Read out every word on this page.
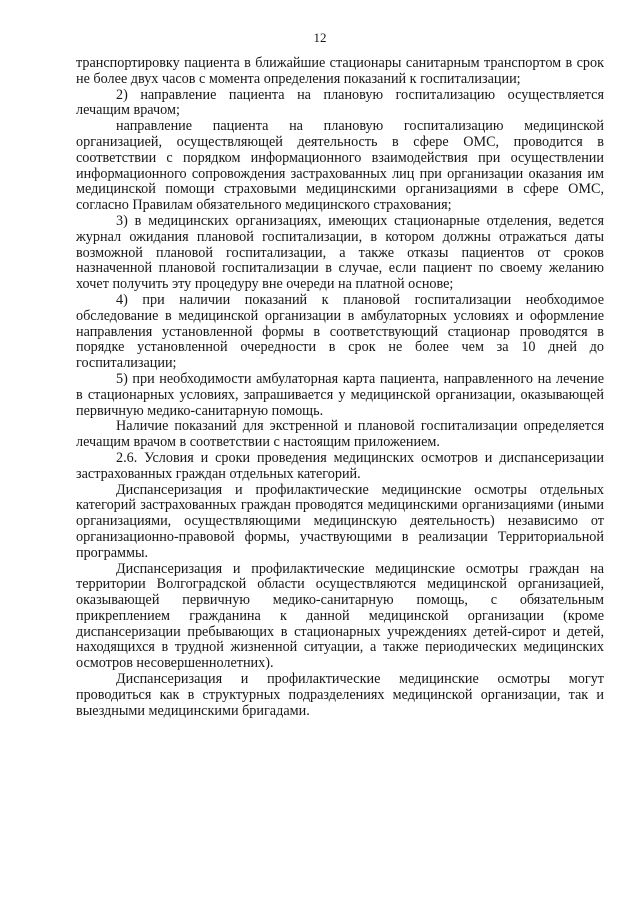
12

транспортировку пациента в ближайшие стационары санитарным транспортом в срок не более двух часов с момента определения показаний к госпитализации;

2) направление пациента на плановую госпитализацию осуществляется лечащим врачом;

направление пациента на плановую госпитализацию медицинской организацией, осуществляющей деятельность в сфере ОМС, проводится в соответствии с порядком информационного взаимодействия при осуществлении информационного сопровождения застрахованных лиц при организации оказания им медицинской помощи страховыми медицинскими организациями в сфере ОМС, согласно Правилам обязательного медицинского страхования;

3) в медицинских организациях, имеющих стационарные отделения, ведется журнал ожидания плановой госпитализации, в котором должны отражаться даты возможной плановой госпитализации, а также отказы пациентов от сроков назначенной плановой госпитализации в случае, если пациент по своему желанию хочет получить эту процедуру вне очереди на платной основе;

4) при наличии показаний к плановой госпитализации необходимое обследование в медицинской организации в амбулаторных условиях и оформление направления установленной формы в соответствующий стационар проводятся в порядке установленной очередности в срок не более чем за 10 дней до госпитализации;

5) при необходимости амбулаторная карта пациента, направленного на лечение в стационарных условиях, запрашивается у медицинской организации, оказывающей первичную медико-санитарную помощь.

Наличие показаний для экстренной и плановой госпитализации определяется лечащим врачом в соответствии с настоящим приложением.

2.6. Условия и сроки проведения медицинских осмотров и диспансеризации застрахованных граждан отдельных категорий.

Диспансеризация и профилактические медицинские осмотры отдельных категорий застрахованных граждан проводятся медицинскими организациями (иными организациями, осуществляющими медицинскую деятельность) независимо от организационно-правовой формы, участвующими в реализации Территориальной программы.

Диспансеризация и профилактические медицинские осмотры граждан на территории Волгоградской области осуществляются медицинской организацией, оказывающей первичную медико-санитарную помощь, с обязательным прикреплением гражданина к данной медицинской организации (кроме диспансеризации пребывающих в стационарных учреждениях детей-сирот и детей, находящихся в трудной жизненной ситуации, а также периодических медицинских осмотров несовершеннолетних).

Диспансеризация и профилактические медицинские осмотры могут проводиться как в структурных подразделениях медицинской организации, так и выездными медицинскими бригадами.
